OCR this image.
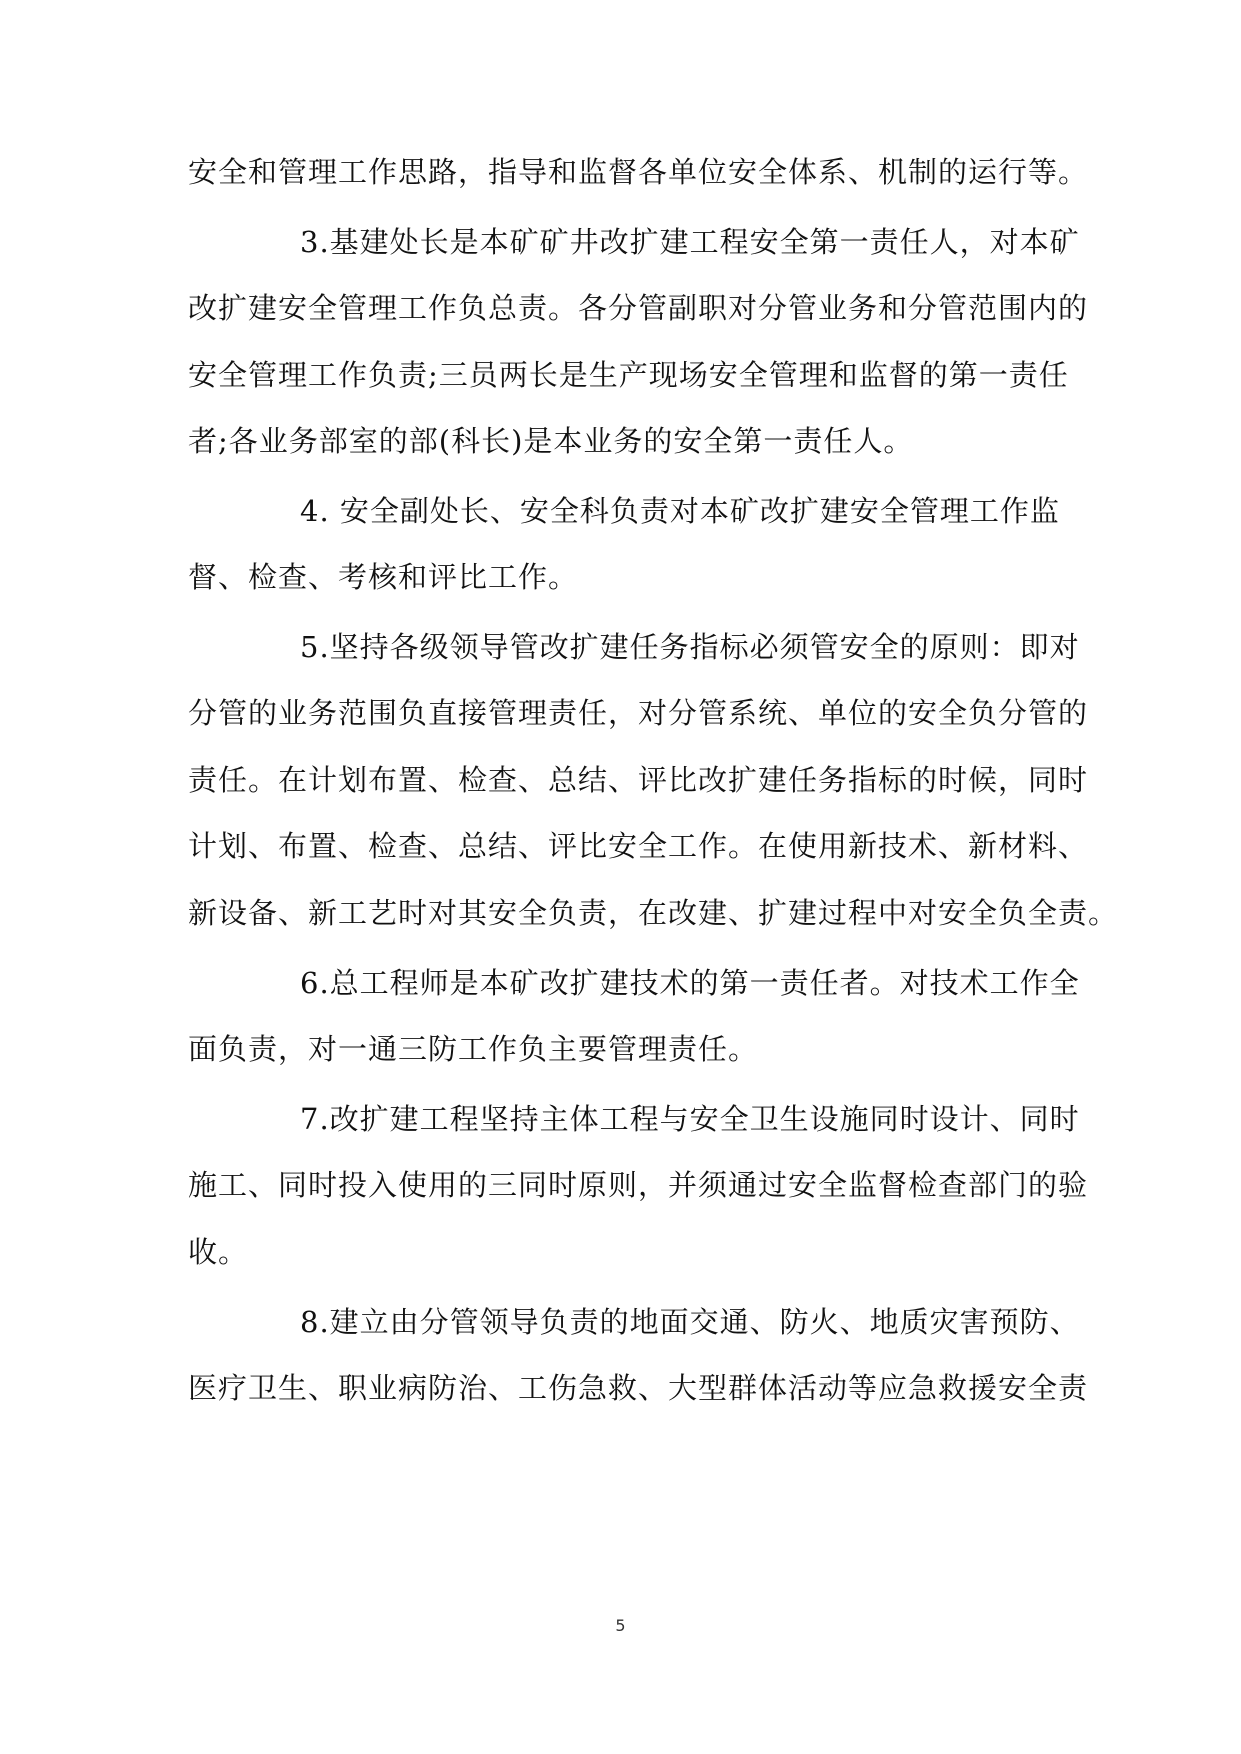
安全和管理工作思路，指导和监督各单位安全体系、机制的运行等。
3.基建处长是本矿矿井改扩建工程安全第一责任人，对本矿
改扩建安全管理工作负总责。各分管副职对分管业务和分管范围内的
安全管理工作负责;三员两长是生产现场安全管理和监督的第一责任
者;各业务部室的部(科长)是本业务的安全第一责任人。
4. 安全副处长、安全科负责对本矿改扩建安全管理工作监
督、检查、考核和评比工作。
5.坚持各级领导管改扩建任务指标必须管安全的原则：即对
分管的业务范围负直接管理责任，对分管系统、单位的安全负分管的
责任。在计划布置、检查、总结、评比改扩建任务指标的时候，同时
计划、布置、检查、总结、评比安全工作。在使用新技术、新材料、
新设备、新工艺时对其安全负责，在改建、扩建过程中对安全负全责。
6.总工程师是本矿改扩建技术的第一责任者。对技术工作全
面负责，对一通三防工作负主要管理责任。
7.改扩建工程坚持主体工程与安全卫生设施同时设计、同时
施工、同时投入使用的三同时原则，并须通过安全监督检查部门的验
收。
8.建立由分管领导负责的地面交通、防火、地质灾害预防、
医疗卫生、职业病防治、工伤急救、大型群体活动等应急救援安全责
5
